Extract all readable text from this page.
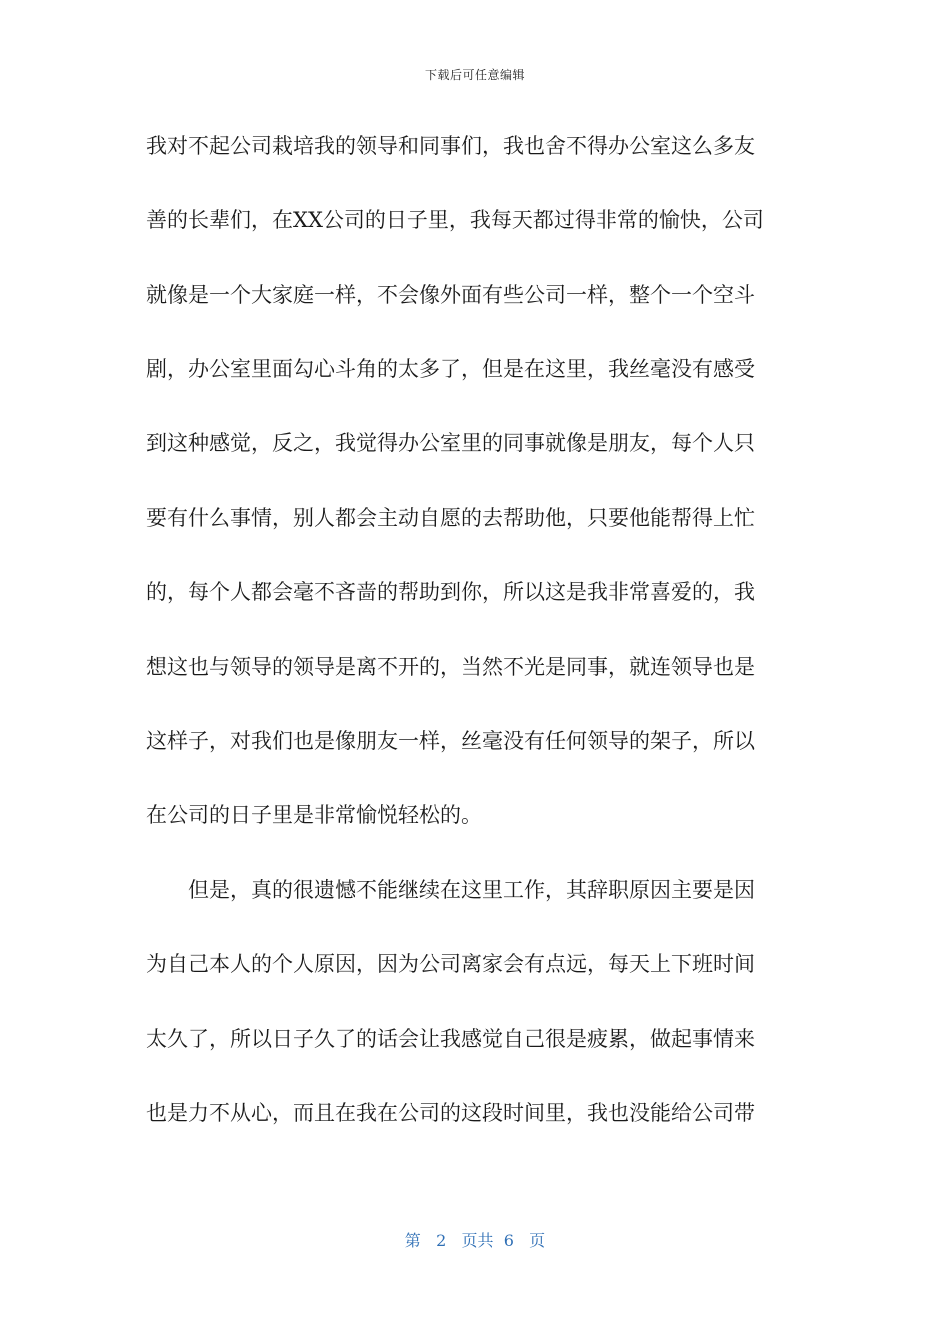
下载后可任意编辑
我对不起公司栽培我的领导和同事们，我也舍不得办公室这么多友
善的长辈们，在XX公司的日子里，我每天都过得非常的愉快，公司
就像是一个大家庭一样，不会像外面有些公司一样，整个一个空斗
剧，办公室里面勾心斗角的太多了，但是在这里，我丝毫没有感受
到这种感觉，反之，我觉得办公室里的同事就像是朋友，每个人只
要有什么事情，别人都会主动自愿的去帮助他，只要他能帮得上忙
的，每个人都会毫不吝啬的帮助到你，所以这是我非常喜爱的，我
想这也与领导的领导是离不开的，当然不光是同事，就连领导也是
这样子，对我们也是像朋友一样，丝毫没有任何领导的架子，所以
在公司的日子里是非常愉悦轻松的。
　　但是，真的很遗憾不能继续在这里工作，其辞职原因主要是因
为自己本人的个人原因，因为公司离家会有点远，每天上下班时间
太久了，所以日子久了的话会让我感觉自己很是疲累，做起事情来
也是力不从心，而且在我在公司的这段时间里，我也没能给公司带
第 2 页共 6 页
